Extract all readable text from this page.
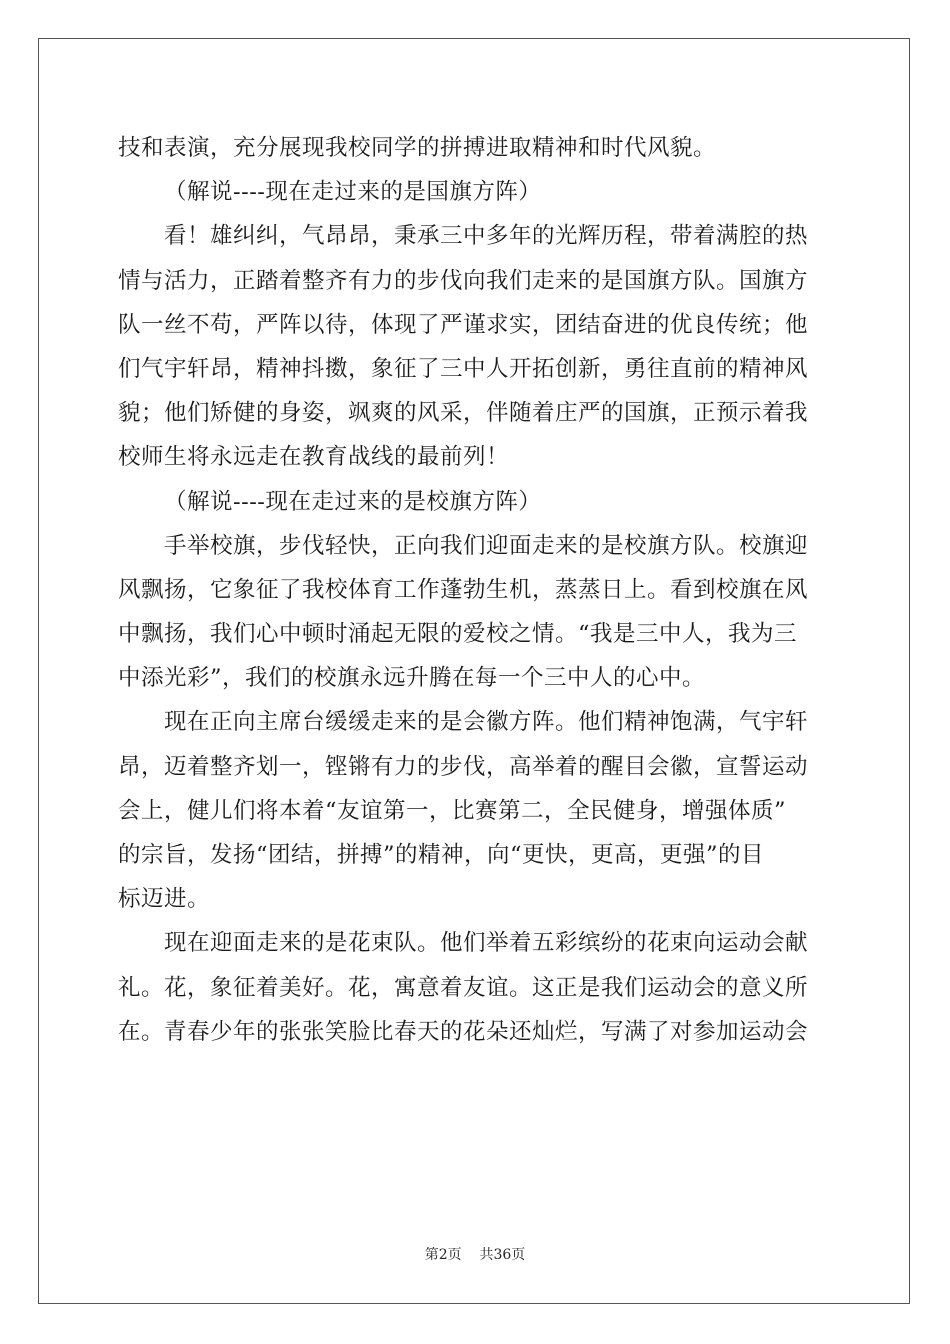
技和表演，充分展现我校同学的拼搏进取精神和时代风貌。
（解说----现在走过来的是国旗方阵）
看！雄纠纠，气昂昂，秉承三中多年的光辉历程，带着满腔的热
情与活力，正踏着整齐有力的步伐向我们走来的是国旗方队。国旗方
队一丝不苟，严阵以待，体现了严谨求实，团结奋进的优良传统；他
们气宇轩昂，精神抖擞，象征了三中人开拓创新，勇往直前的精神风
貌；他们矫健的身姿，飒爽的风采，伴随着庄严的国旗，正预示着我
校师生将永远走在教育战线的最前列！
（解说----现在走过来的是校旗方阵）
手举校旗，步伐轻快，正向我们迎面走来的是校旗方队。校旗迎
风飘扬，它象征了我校体育工作蓬勃生机，蒸蒸日上。看到校旗在风
中飘扬，我们心中顿时涌起无限的爱校之情。“我是三中人，我为三
中添光彩”，我们的校旗永远升腾在每一个三中人的心中。
现在正向主席台缓缓走来的是会徽方阵。他们精神饱满，气宇轩
昂，迈着整齐划一，铿锵有力的步伐，高举着的醒目会徽，宣誓运动
会上，健儿们将本着“友谊第一，比赛第二，全民健身，增强体质”
的宗旨，发扬“团结，拼搏”的精神，向“更快，更高，更强”的目
标迈进。
现在迎面走来的是花束队。他们举着五彩缤纷的花束向运动会献
礼。花，象征着美好。花，寓意着友谊。这正是我们运动会的意义所
在。青春少年的张张笑脸比春天的花朵还灿烂，写满了对参加运动会
第2页 共36页
